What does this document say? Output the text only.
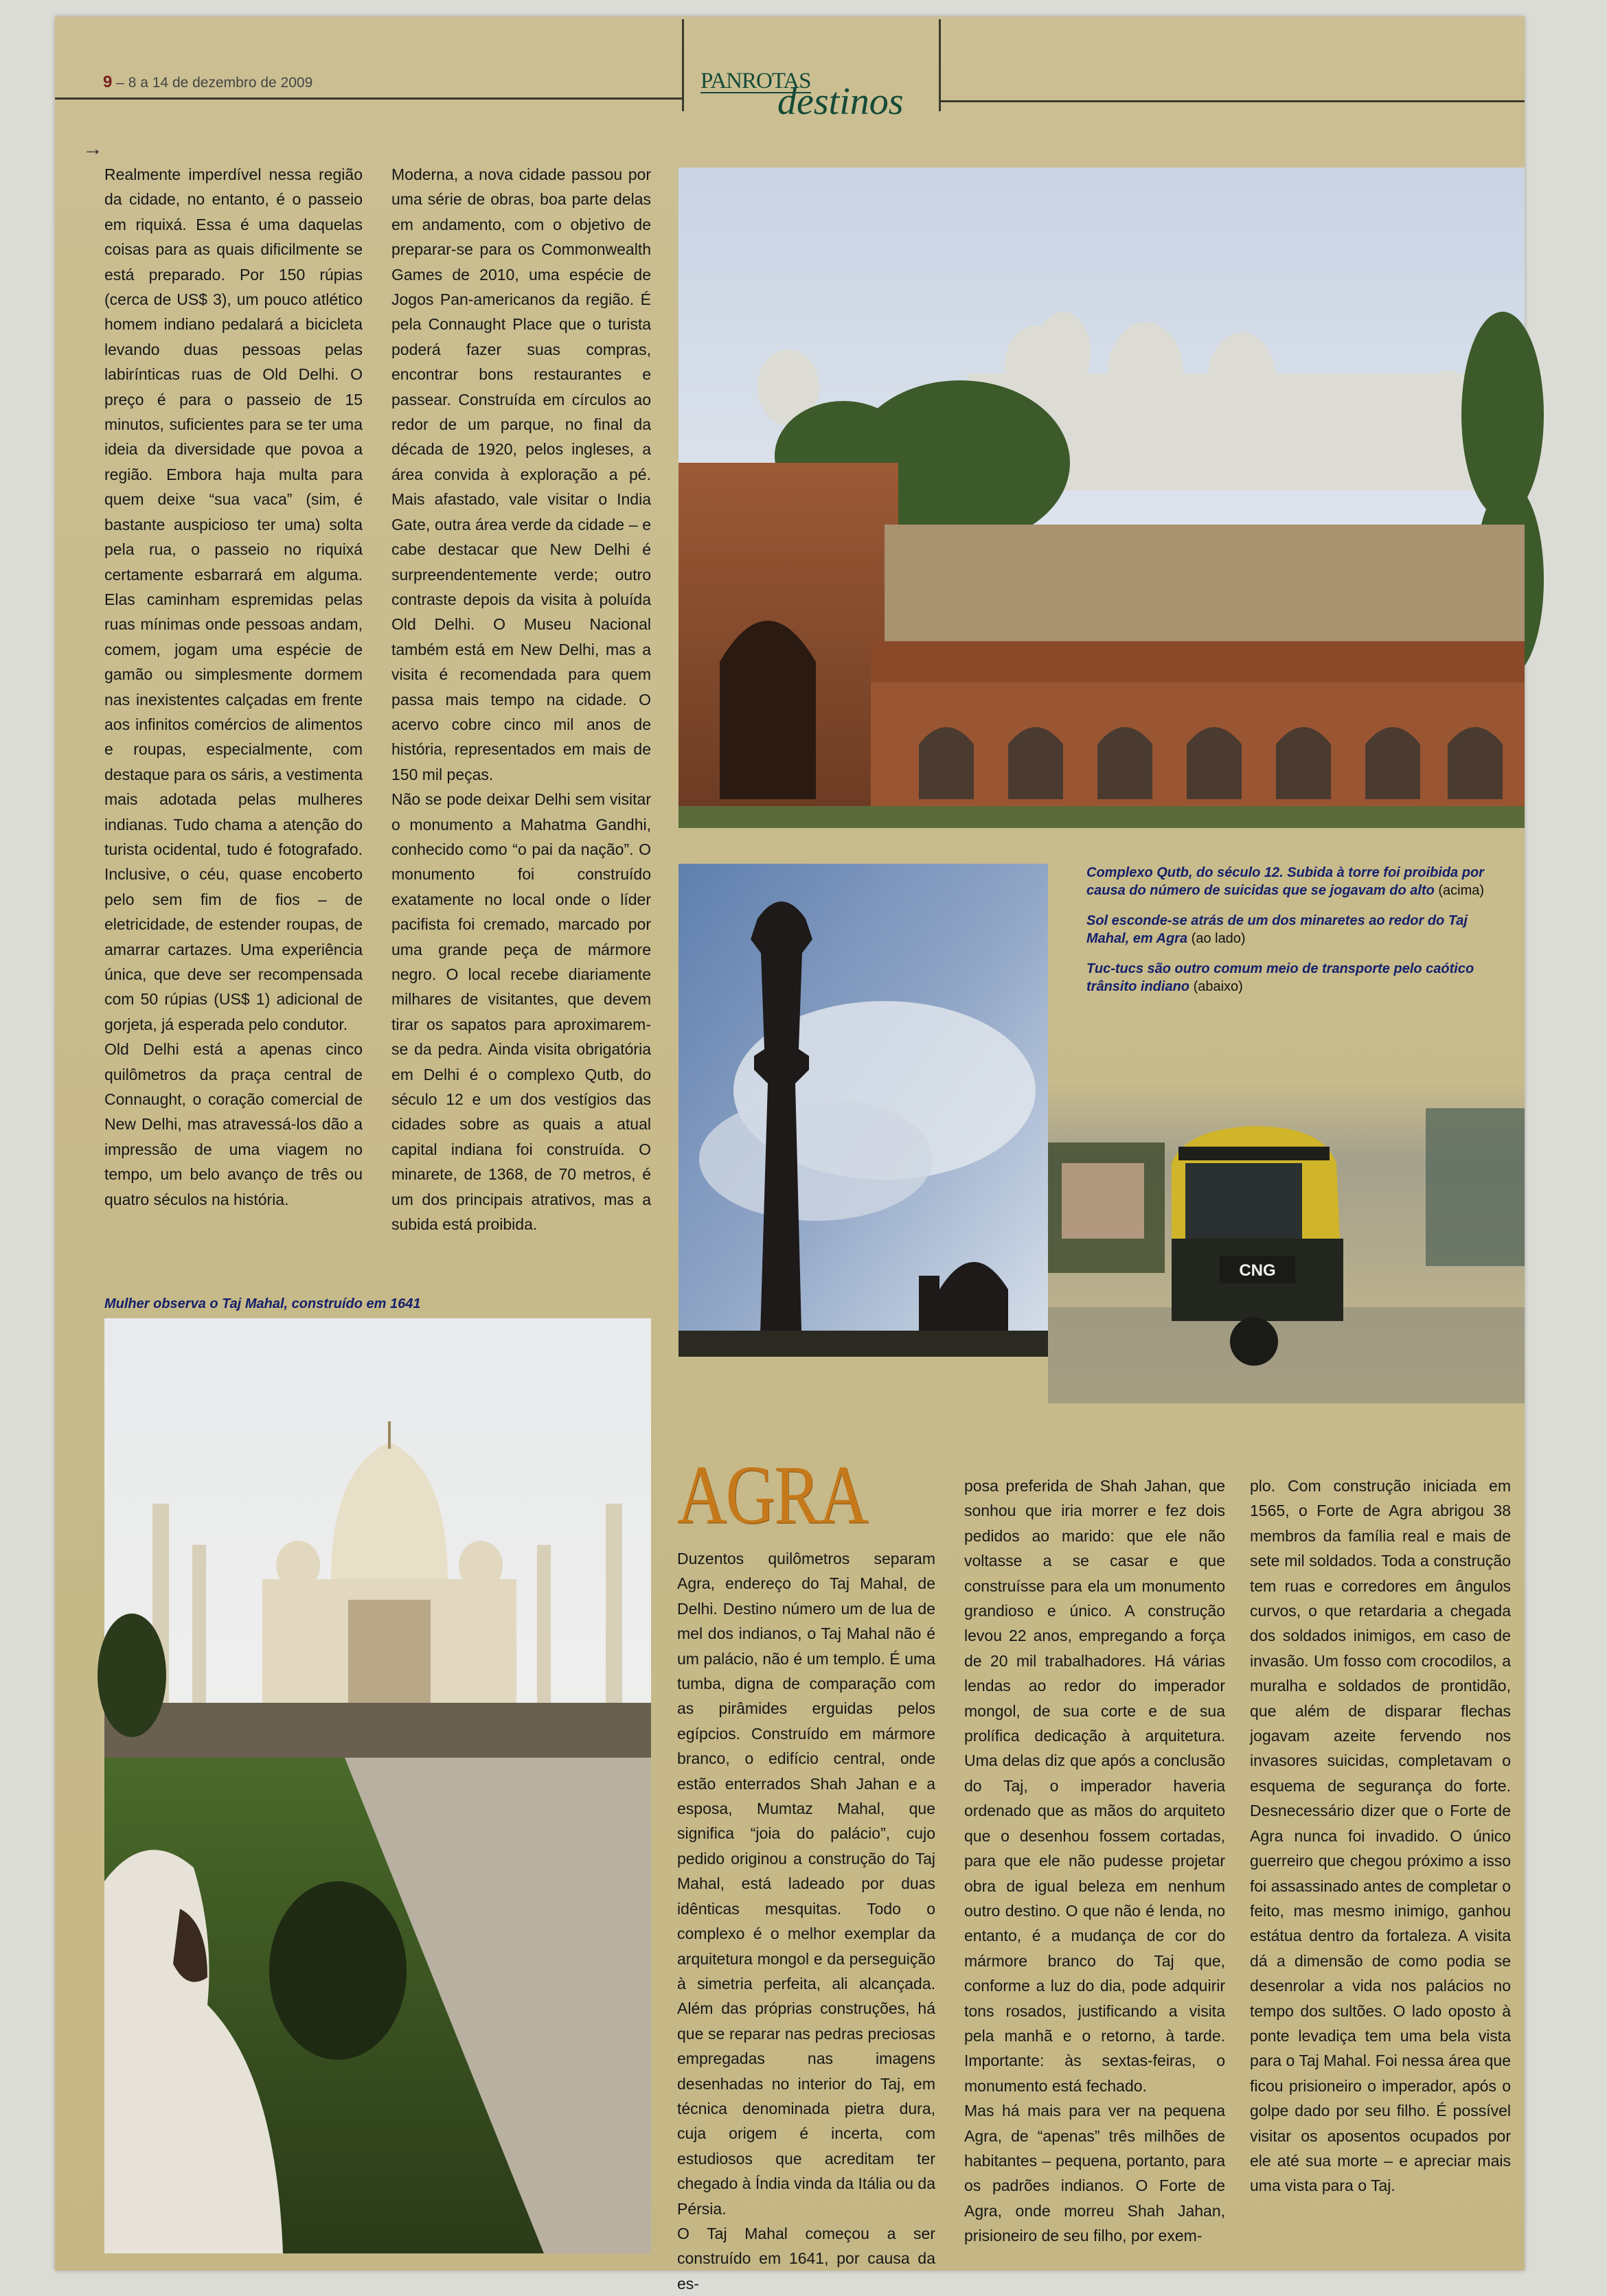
9 – 8 a 14 de dezembro de 2009	PANROTAS
destinos
→

Realmente imperdível nessa região da cidade, no entanto, é o passeio em riquixá. Essa é uma daquelas coisas para as quais dificilmente se está preparado. Por 150 rúpias (cerca de US$ 3), um pouco atlético homem indiano pedalará a bicicleta levando duas pessoas pelas labirínticas ruas de Old Delhi. O preço é para o passeio de 15 minutos, suficientes para se ter uma ideia da diversidade que povoa a região. Embora haja multa para quem deixe “sua vaca” (sim, é bastante auspicioso ter uma) solta pela rua, o passeio no riquixá certamente esbarrará em alguma. Elas caminham espremidas pelas ruas mínimas onde pessoas andam, comem, jogam uma espécie de gamão ou simplesmente dormem nas inexistentes calçadas em frente aos infinitos comércios de alimentos e roupas, especialmente, com destaque para os sáris, a vestimenta mais adotada pelas mulheres indianas. Tudo chama a atenção do turista ocidental, tudo é fotografado. Inclusive, o céu, quase encoberto pelo sem fim de fios – de eletricidade, de estender roupas, de amarrar cartazes. Uma experiência única, que deve ser recompensada com 50 rúpias (US$ 1) adicional de gorjeta, já esperada pelo condutor.

Old Delhi está a apenas cinco quilômetros da praça central de Connaught, o coração comercial de New Delhi, mas atravessá-los dão a impressão de uma viagem no tempo, um belo avanço de três ou quatro séculos na história.

Moderna, a nova cidade passou por uma série de obras, boa parte delas em andamento, com o objetivo de preparar-se para os Commonwealth Games de 2010, uma espécie de Jogos Pan-americanos da região. É pela Connaught Place que o turista poderá fazer suas compras, encontrar bons restaurantes e passear. Construída em círculos ao redor de um parque, no final da década de 1920, pelos ingleses, a área convida à exploração a pé. Mais afastado, vale visitar o India Gate, outra área verde da cidade – e cabe destacar que New Delhi é surpreendentemente verde; outro contraste depois da visita à poluída Old Delhi. O Museu Nacional também está em New Delhi, mas a visita é recomendada para quem passa mais tempo na cidade. O acervo cobre cinco mil anos de história, representados em mais de 150 mil peças.

Não se pode deixar Delhi sem visitar o monumento a Mahatma Gandhi, conhecido como “o pai da nação”. O monumento foi construído exatamente no local onde o líder pacifista foi cremado, marcado por uma grande peça de mármore negro. O local recebe diariamente milhares de visitantes, que devem tirar os sapatos para aproximarem-se da pedra. Ainda visita obrigatória em Delhi é o complexo Qutb, do século 12 e um dos vestígios das cidades sobre as quais a atual capital indiana foi construída. O minarete, de 1368, de 70 metros, é um dos principais atrativos, mas a subida está proibida.

Complexo Qutb, do século 12. Subida à torre foi proibida por causa do número de suicidas que se jogavam do alto (acima)

Sol esconde-se atrás de um dos minaretes ao redor do Taj Mahal, em Agra (ao lado)

Tuc-tucs são outro comum meio de transporte pelo caótico trânsito indiano (abaixo)

CNG
Mulher observa o Taj Mahal, construído em 1641
AGRA

Duzentos quilômetros separam Agra, endereço do Taj Mahal, de Delhi. Destino número um de lua de mel dos indianos, o Taj Mahal não é um palácio, não é um templo. É uma tumba, digna de comparação com as pirâmides erguidas pelos egípcios. Construído em mármore branco, o edifício central, onde estão enterrados Shah Jahan e a esposa, Mumtaz Mahal, que significa “joia do palácio”, cujo pedido originou a construção do Taj Mahal, está ladeado por duas idênticas mesquitas. Todo o complexo é o melhor exemplar da arquitetura mongol e da perseguição à simetria perfeita, ali alcançada. Além das próprias construções, há que se reparar nas pedras preciosas empregadas nas imagens desenhadas no interior do Taj, em técnica denominada pietra dura, cuja origem é incerta, com estudiosos que acreditam ter chegado à Índia vinda da Itália ou da Pérsia.

O Taj Mahal começou a ser construído em 1641, por causa da es-

posa preferida de Shah Jahan, que sonhou que iria morrer e fez dois pedidos ao marido: que ele não voltasse a se casar e que construísse para ela um monumento grandioso e único. A construção levou 22 anos, empregando a força de 20 mil trabalhadores. Há várias lendas ao redor do imperador mongol, de sua corte e de sua prolífica dedicação à arquitetura. Uma delas diz que após a conclusão do Taj, o imperador haveria ordenado que as mãos do arquiteto que o desenhou fossem cortadas, para que ele não pudesse projetar obra de igual beleza em nenhum outro destino. O que não é lenda, no entanto, é a mudança de cor do mármore branco do Taj que, conforme a luz do dia, pode adquirir tons rosados, justificando a visita pela manhã e o retorno, à tarde. Importante: às sextas-feiras, o monumento está fechado.

Mas há mais para ver na pequena Agra, de “apenas” três milhões de habitantes – pequena, portanto, para os padrões indianos. O Forte de Agra, onde morreu Shah Jahan, prisioneiro de seu filho, por exem-

plo. Com construção iniciada em 1565, o Forte de Agra abrigou 38 membros da família real e mais de sete mil soldados. Toda a construção tem ruas e corredores em ângulos curvos, o que retardaria a chegada dos soldados inimigos, em caso de invasão. Um fosso com crocodilos, a muralha e soldados de prontidão, que além de disparar flechas jogavam azeite fervendo nos invasores suicidas, completavam o esquema de segurança do forte. Desnecessário dizer que o Forte de Agra nunca foi invadido. O único guerreiro que chegou próximo a isso foi assassinado antes de completar o feito, mas mesmo inimigo, ganhou estátua dentro da fortaleza. A visita dá a dimensão de como podia se desenrolar a vida nos palácios no tempo dos sultões. O lado oposto à ponte levadiça tem uma bela vista para o Taj Mahal. Foi nessa área que ficou prisioneiro o imperador, após o golpe dado por seu filho. É possível visitar os aposentos ocupados por ele até sua morte – e apreciar mais uma vista para o Taj.
